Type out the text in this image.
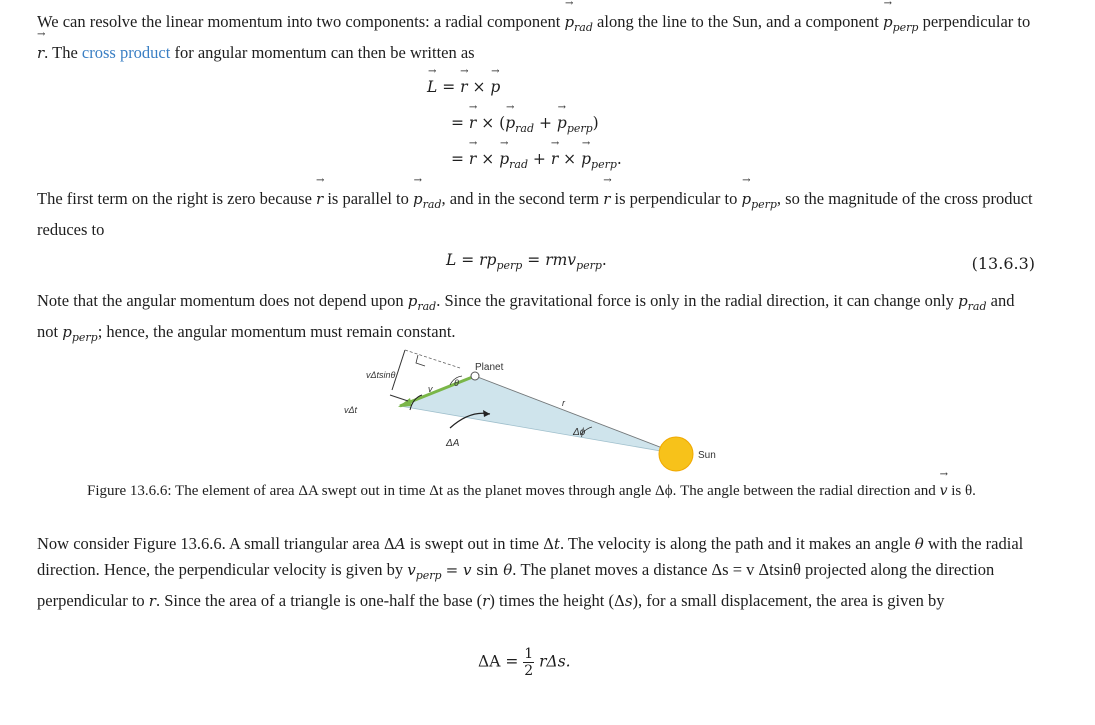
We can resolve the linear momentum into two components: a radial component → $p_{rad}$ along the line to the Sun, and a component → $p_{perp}$ perpendicular to → r. The cross product for angular momentum can then be written as

→ L = → r × → p
= → r × (→ $p_{rad}$ + → $p_{perp}$)
= → r × → $p_{rad}$ + → r × → $p_{perp}$.

The first term on the right is zero because → r is parallel to → $p_{rad}$, and in the second term → r is perpendicular to → $p_{perp}$, so the magnitude of the cross product reduces to

$L = rp_{perp} = rmv_{perp}$.	(13.6.3)

Note that the angular momentum does not depend upon $p_{rad}$. Since the gravitational force is only in the radial direction, it can change only $p_{rad}$ and not $p_{perp}$; hence, the angular momentum must remain constant.

Planet
Sun
vΔtsinθ
vΔt
θ
v
r
Δϕ
ΔA
Figure 13.6.6: The element of area ΔA swept out in time Δt as the planet moves through angle Δϕ. The angle between the radial direction and → v is θ.

Now consider Figure 13.6.6. A small triangular area ΔA is swept out in time Δt. The velocity is along the path and it makes an angle θ with the radial direction. Hence, the perpendicular velocity is given by $v_{perp} = v$ sin θ. The planet moves a distance Δs = v Δtsinθ projected along the direction perpendicular to r. Since the area of a triangle is one-half the base (r) times the height (Δs), for a small displacement, the area is given by

$\Delta A = \frac{1}{2} r\Delta s$.
